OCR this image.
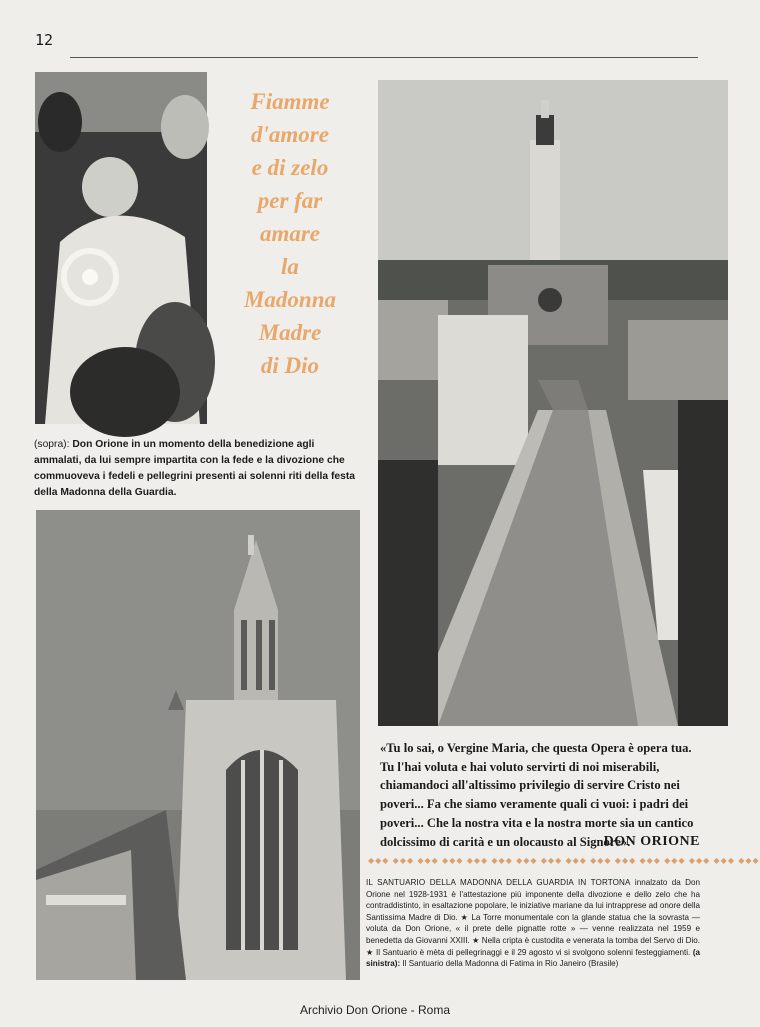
12
Fiamme
d'amore
e di zelo
per far
amare
la
Madonna
Madre
di Dio
(sopra): Don Orione in un momento della benedizione agli ammalati, da lui sempre impartita con la fede e la divozione che commuoveva i fedeli e pellegrini presenti ai solenni riti della festa della Madonna della Guardia.
«Tu lo sai, o Vergine Maria, che questa Opera è opera tua. Tu l'hai voluta e hai voluto servirti di noi miserabili, chiamandoci all'altissimo privilegio di servire Cristo nei poveri... Fa che siamo veramente quali ci vuoi: i padri dei poveri... Che la nostra vita e la nostra morte sia un cantico dolcissimo di carità e un olocausto al Signore».
DON ORIONE
◆◆◆ ◆◆◆ ◆◆◆ ◆◆◆ ◆◆◆ ◆◆◆ ◆◆◆ ◆◆◆ ◆◆◆ ◆◆◆ ◆◆◆ ◆◆◆ ◆◆◆ ◆◆◆ ◆◆◆ ◆◆◆
IL SANTUARIO DELLA MADONNA DELLA GUARDIA IN TORTONA innalzato da Don Orione nel 1928-1931 è l'attestazione più imponente della divozione e dello zelo che ha contraddistinto, in esaltazione popolare, le iniziative mariane da lui intrapprese ad onore della Santissima Madre di Dio. ★ La Torre monumentale con la glande statua che la sovrasta — voluta da Don Orione, « il prete delle pignatte rotte » — venne realizzata nel 1959 e benedetta da Giovanni XXIII. ★ Nella cripta è custodita e venerata la tomba del Servo di Dio. ★ Il Santuario è mèta di pellegrinaggi e il 29 agosto vi si svolgono solenni festeggiamenti. (a sinistra): Il Santuario della Madonna di Fatima in Rio Janeiro (Brasile)
Archivio Don Orione - Roma
